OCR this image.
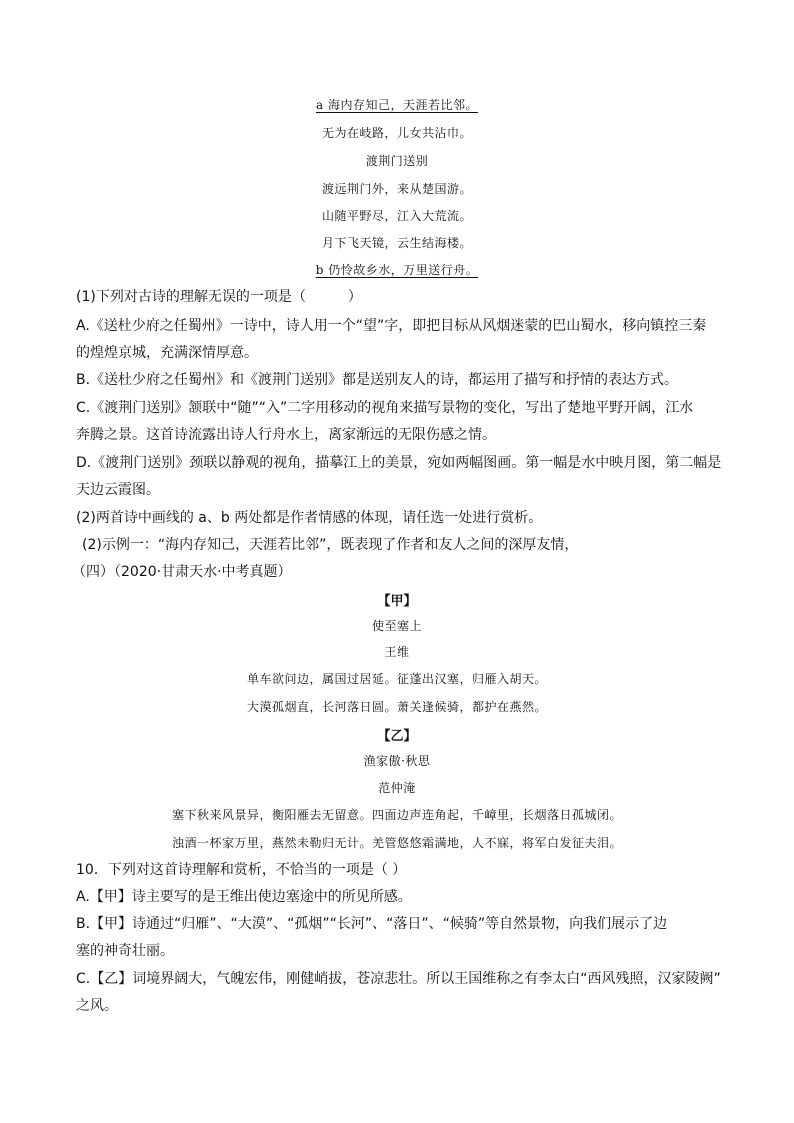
a 海内存知己，天涯若比邻。
无为在岐路，儿女共沾巾。
渡荆门送别
渡远荆门外，来从楚国游。
山随平野尽，江入大荒流。
月下飞天镜，云生结海楼。
b 仍怜故乡水，万里送行舟。
(1)下列对古诗的理解无误的一项是（　　　）
A.《送杜少府之任蜀州》一诗中，诗人用一个“望”字，即把目标从风烟迷蒙的巴山蜀水，移向镇控三秦
的煌煌京城，充满深情厚意。
B.《送杜少府之任蜀州》和《渡荆门送别》都是送别友人的诗，都运用了描写和抒情的表达方式。
C.《渡荆门送别》颔联中“随”“入”二字用移动的视角来描写景物的变化，写出了楚地平野开阔，江水
奔腾之景。这首诗流露出诗人行舟水上，离家渐远的无限伤感之情。
D.《渡荆门送别》颈联以静观的视角，描摹江上的美景，宛如两幅图画。第一幅是水中映月图，第二幅是
天边云霞图。
(2)两首诗中画线的 a、b 两处都是作者情感的体现，请任选一处进行赏析。
(2)示例一：“海内存知己，天涯若比邻”，既表现了作者和友人之间的深厚友情，
（四）（2020·甘肃天水·中考真题）
【甲】
使至塞上
王维
单车欲问边，属国过居延。征蓬出汉塞，归雁入胡天。
大漠孤烟直，长河落日圆。萧关逢候骑，都护在燕然。
【乙】
渔家傲·秋思
范仲淹
塞下秋来风景异，衡阳雁去无留意。四面边声连角起，千嶂里，长烟落日孤城闭。
浊酒一杯家万里，燕然未勒归无计。羌管悠悠霜满地，人不寐，将军白发征夫泪。
10．下列对这首诗理解和赏析，不恰当的一项是（ ）
A.【甲】诗主要写的是王维出使边塞途中的所见所感。
B.【甲】诗通过“归雁”、“大漠”、“孤烟”“长河”、“落日”、“候骑”等自然景物，向我们展示了边
塞的神奇壮丽。
C.【乙】词境界阔大，气魄宏伟，刚健峭拔，苍凉悲壮。所以王国维称之有李太白“西风残照，汉家陵阙”
之风。
